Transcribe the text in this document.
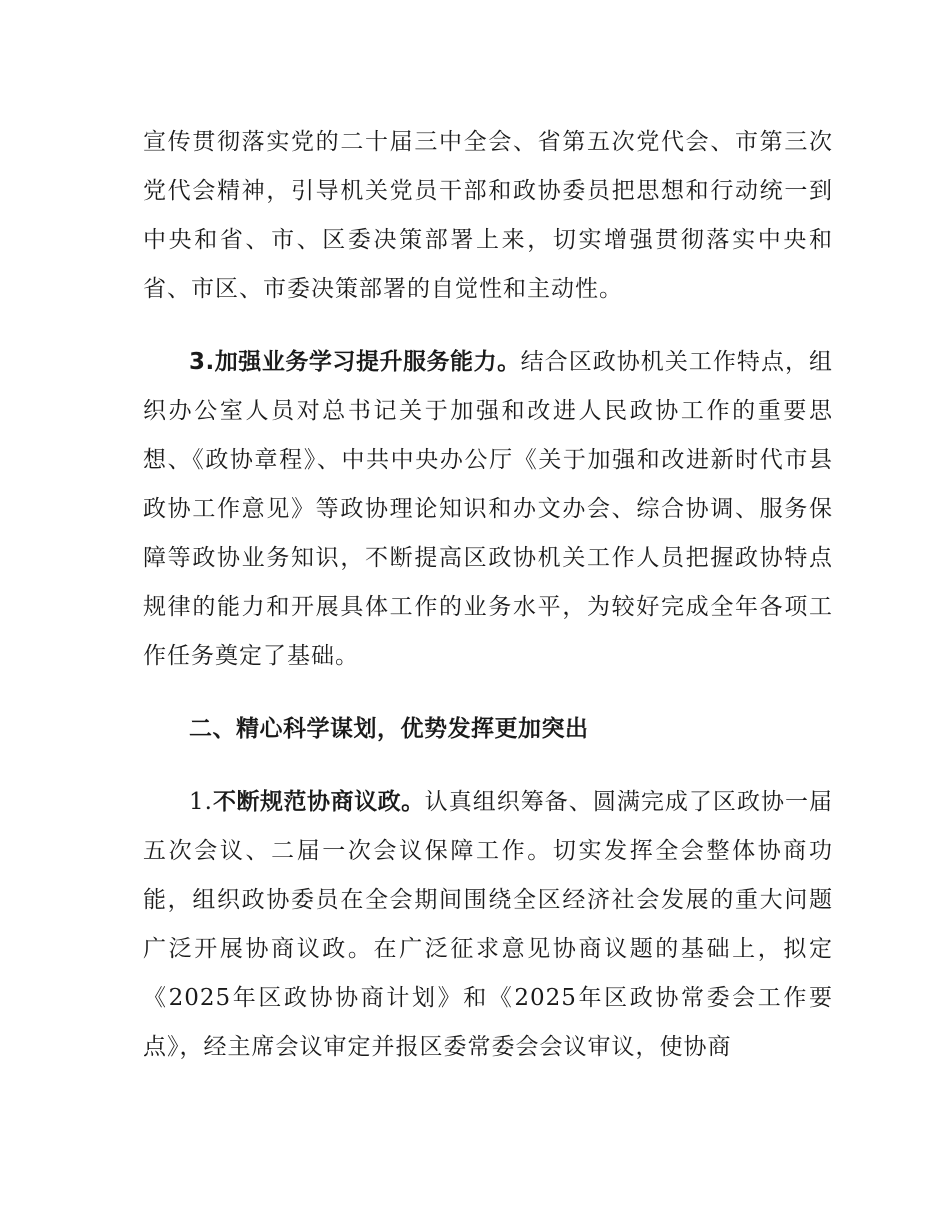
宣传贯彻落实党的二十届三中全会、省第五次党代会、市第三次党代会精神，引导机关党员干部和政协委员把思想和行动统一到中央和省、市、区委决策部署上来，切实增强贯彻落实中央和省、市区、市委决策部署的自觉性和主动性。

3.加强业务学习提升服务能力。结合区政协机关工作特点，组织办公室人员对总书记关于加强和改进人民政协工作的重要思想、《政协章程》、中共中央办公厅《关于加强和改进新时代市县政协工作意见》等政协理论知识和办文办会、综合协调、服务保障等政协业务知识，不断提高区政协机关工作人员把握政协特点规律的能力和开展具体工作的业务水平，为较好完成全年各项工作任务奠定了基础。

二、精心科学谋划，优势发挥更加突出

1.不断规范协商议政。认真组织筹备、圆满完成了区政协一届五次会议、二届一次会议保障工作。切实发挥全会整体协商功能，组织政协委员在全会期间围绕全区经济社会发展的重大问题广泛开展协商议政。在广泛征求意见协商议题的基础上，拟定《2025年区政协协商计划》和《2025年区政协常委会工作要点》，经主席会议审定并报区委常委会会议审议，使协商
